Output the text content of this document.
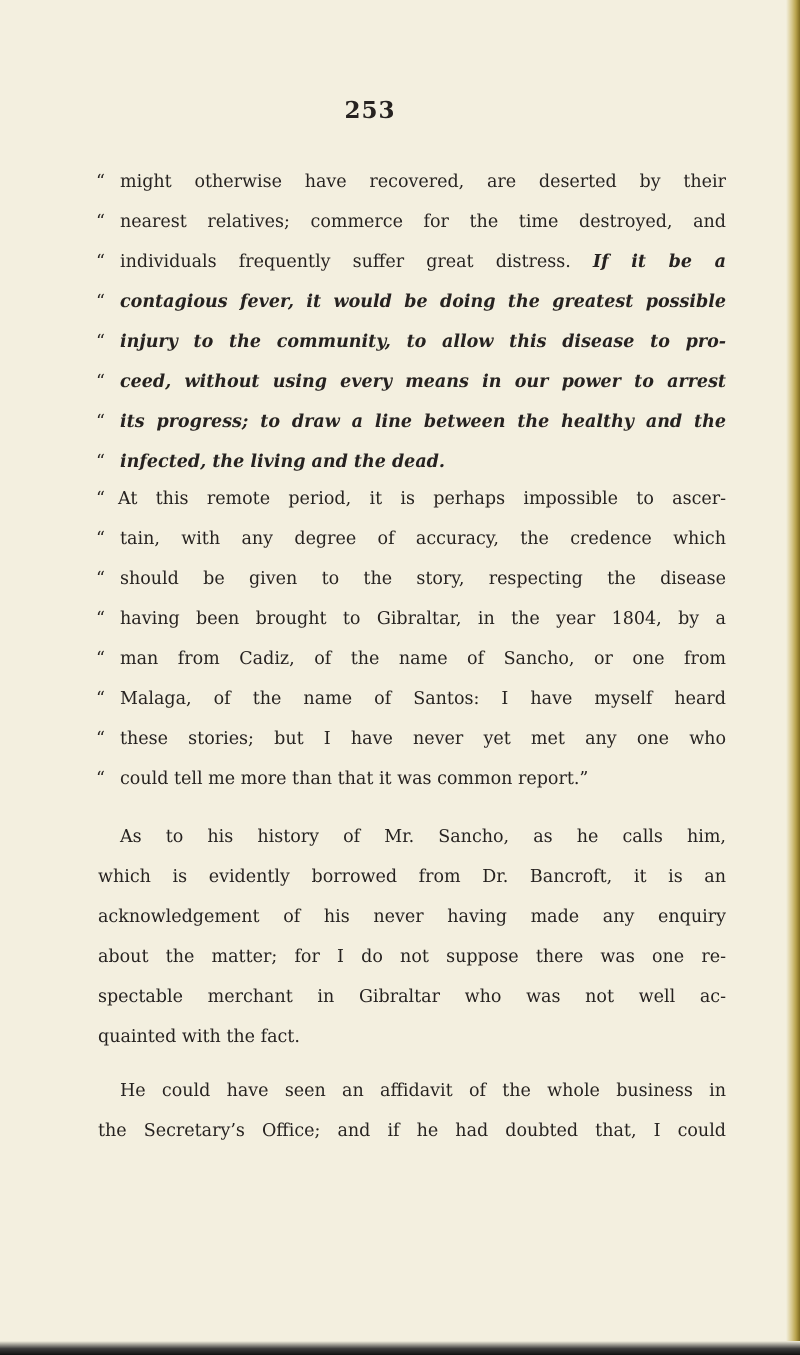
253
“ might otherwise have recovered, are deserted by their
“ nearest relatives; commerce for the time destroyed, and
“ individuals frequently suffer great distress. If it be a
“ contagious fever, it would be doing the greatest possible
“ injury to the community, to allow this disease to pro-
“ ceed, without using every means in our power to arrest
“ its progress; to draw a line between the healthy and the
“ infected, the living and the dead.
“ At this remote period, it is perhaps impossible to ascer-
“ tain, with any degree of accuracy, the credence which
“ should be given to the story, respecting the disease
“ having been brought to Gibraltar, in the year 1804, by a
“ man from Cadiz, of the name of Sancho, or one from
“ Malaga, of the name of Santos: I have myself heard
“ these stories; but I have never yet met any one who
“ could tell me more than that it was common report.”
As to his history of Mr. Sancho, as he calls him,
which is evidently borrowed from Dr. Bancroft, it is an
acknowledgement of his never having made any enquiry
about the matter; for I do not suppose there was one re-
spectable merchant in Gibraltar who was not well ac-
quainted with the fact.
He could have seen an affidavit of the whole business in
the Secretary’s Office; and if he had doubted that, I could
